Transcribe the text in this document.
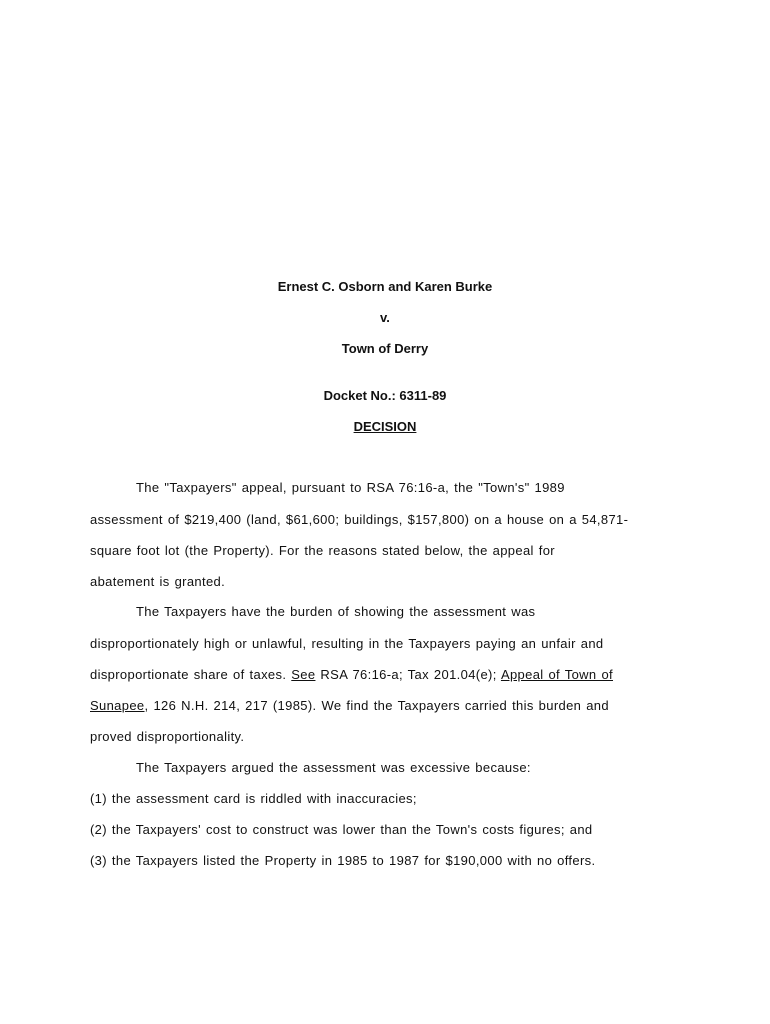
Ernest C. Osborn and Karen Burke
v.
Town of Derry
Docket No.: 6311-89
DECISION
The "Taxpayers" appeal, pursuant to RSA 76:16-a, the "Town's" 1989
assessment of $219,400 (land, $61,600; buildings, $157,800) on a house on a 54,871-
square foot lot (the Property). For the reasons stated below, the appeal for
abatement is granted.
The Taxpayers have the burden of showing the assessment was
disproportionately high or unlawful, resulting in the Taxpayers paying an unfair and
disproportionate share of taxes. See RSA 76:16-a; Tax 201.04(e); Appeal of Town of
Sunapee, 126 N.H. 214, 217 (1985). We find the Taxpayers carried this burden and
proved disproportionality.
The Taxpayers argued the assessment was excessive because:
(1) the assessment card is riddled with inaccuracies;
(2) the Taxpayers' cost to construct was lower than the Town's costs figures; and
(3) the Taxpayers listed the Property in 1985 to 1987 for $190,000 with no offers.
